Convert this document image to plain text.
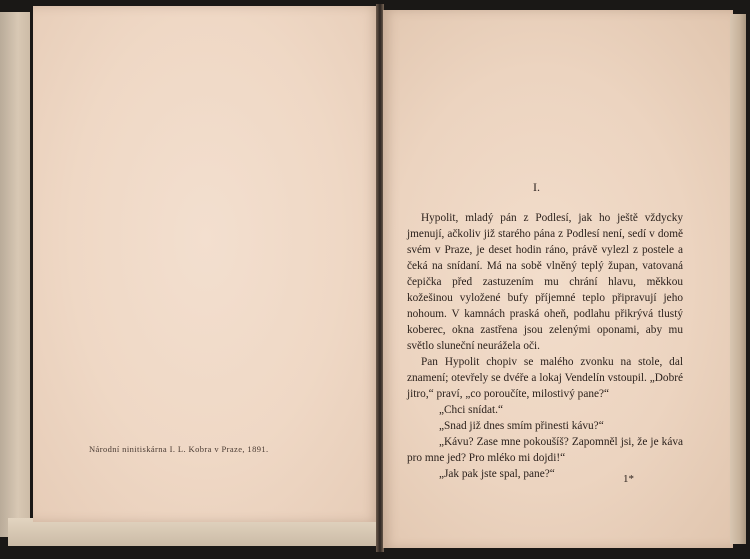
Národní ninitiskárna I. L. Kobra v Praze, 1891.
I.

Hypolit, mladý pán z Podlesí, jak ho ještě vždycky jmenují, ačkoliv již starého pána z Podlesí není, sedí v domě svém v Praze, je deset hodin ráno, právě vylezl z postele a čeká na snídaní. Má na sobě vlněný teplý župan, vatovaná čepička před zastuzením mu chrání hlavu, měkkou kožešinou vyložené bufy příjemné teplo připravují jeho nohoum. V kamnách praská oheň, podlahu přikrývá tlustý koberec, okna zastřena jsou zelenými oponami, aby mu světlo sluneční neurážela oči.

Pan Hypolit chopiv se malého zvonku na stole, dal znamení; otevřely se dvéře a lokaj Vendelín vstoupil. „Dobré jitro,“ praví, „co poroučíte, milostivý pane?“

„Chci snídat.“

„Snad již dnes smím přinesti kávu?“

„Kávu? Zase mne pokoušíš? Zapomněl jsi, že je káva pro mne jed? Pro mléko mi dojdi!“

„Jak pak jste spal, pane?“	1*
